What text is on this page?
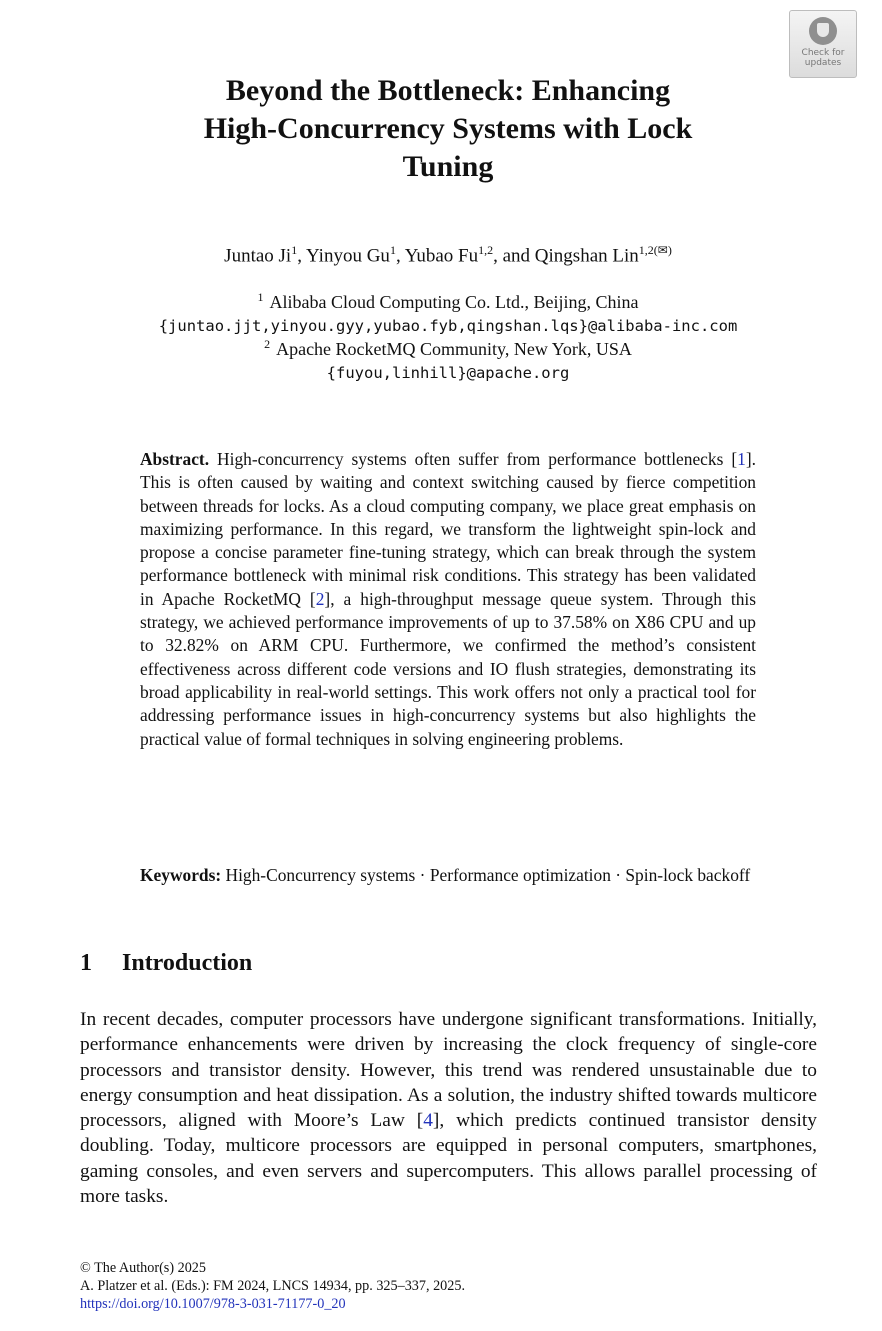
Check for
updates
Beyond the Bottleneck: Enhancing
High-Concurrency Systems with Lock
Tuning
Juntao Ji$^1$, Yinyou Gu$^1$, Yubao Fu$^{1,2}$, and Qingshan Lin$^{1,2(✉)}$
$^1$ Alibaba Cloud Computing Co. Ltd., Beijing, China
{juntao.jjt,yinyou.gyy,yubao.fyb,qingshan.lqs}@alibaba-inc.com
$^2$ Apache RocketMQ Community, New York, USA
{fuyou,linhill}@apache.org

Abstract. High-concurrency systems often suffer from performance bottlenecks [1]. This is often caused by waiting and context switching caused by fierce competition between threads for locks. As a cloud computing company, we place great emphasis on maximizing performance. In this regard, we transform the lightweight spin-lock and propose a concise parameter fine-tuning strategy, which can break through the system performance bottleneck with minimal risk conditions. This strategy has been validated in Apache RocketMQ [2], a high-throughput message queue system. Through this strategy, we achieved performance improvements of up to 37.58% on X86 CPU and up to 32.82% on ARM CPU. Furthermore, we confirmed the method’s consistent effectiveness across different code versions and IO flush strategies, demonstrating its broad applicability in real-world settings. This work offers not only a practical tool for addressing performance issues in high-concurrency systems but also highlights the practical value of formal techniques in solving engineering problems.

Keywords: High-Concurrency systems · Performance optimization · Spin-lock backoff
1 Introduction

In recent decades, computer processors have undergone significant transformations. Initially, performance enhancements were driven by increasing the clock frequency of single-core processors and transistor density. However, this trend was rendered unsustainable due to energy consumption and heat dissipation. As a solution, the industry shifted towards multicore processors, aligned with Moore’s Law [4], which predicts continued transistor density doubling. Today, multicore processors are equipped in personal computers, smartphones, gaming consoles, and even servers and supercomputers. This allows parallel processing of more tasks.

© The Author(s) 2025
A. Platzer et al. (Eds.): FM 2024, LNCS 14934, pp. 325–337, 2025.
https://doi.org/10.1007/978-3-031-71177-0_20
